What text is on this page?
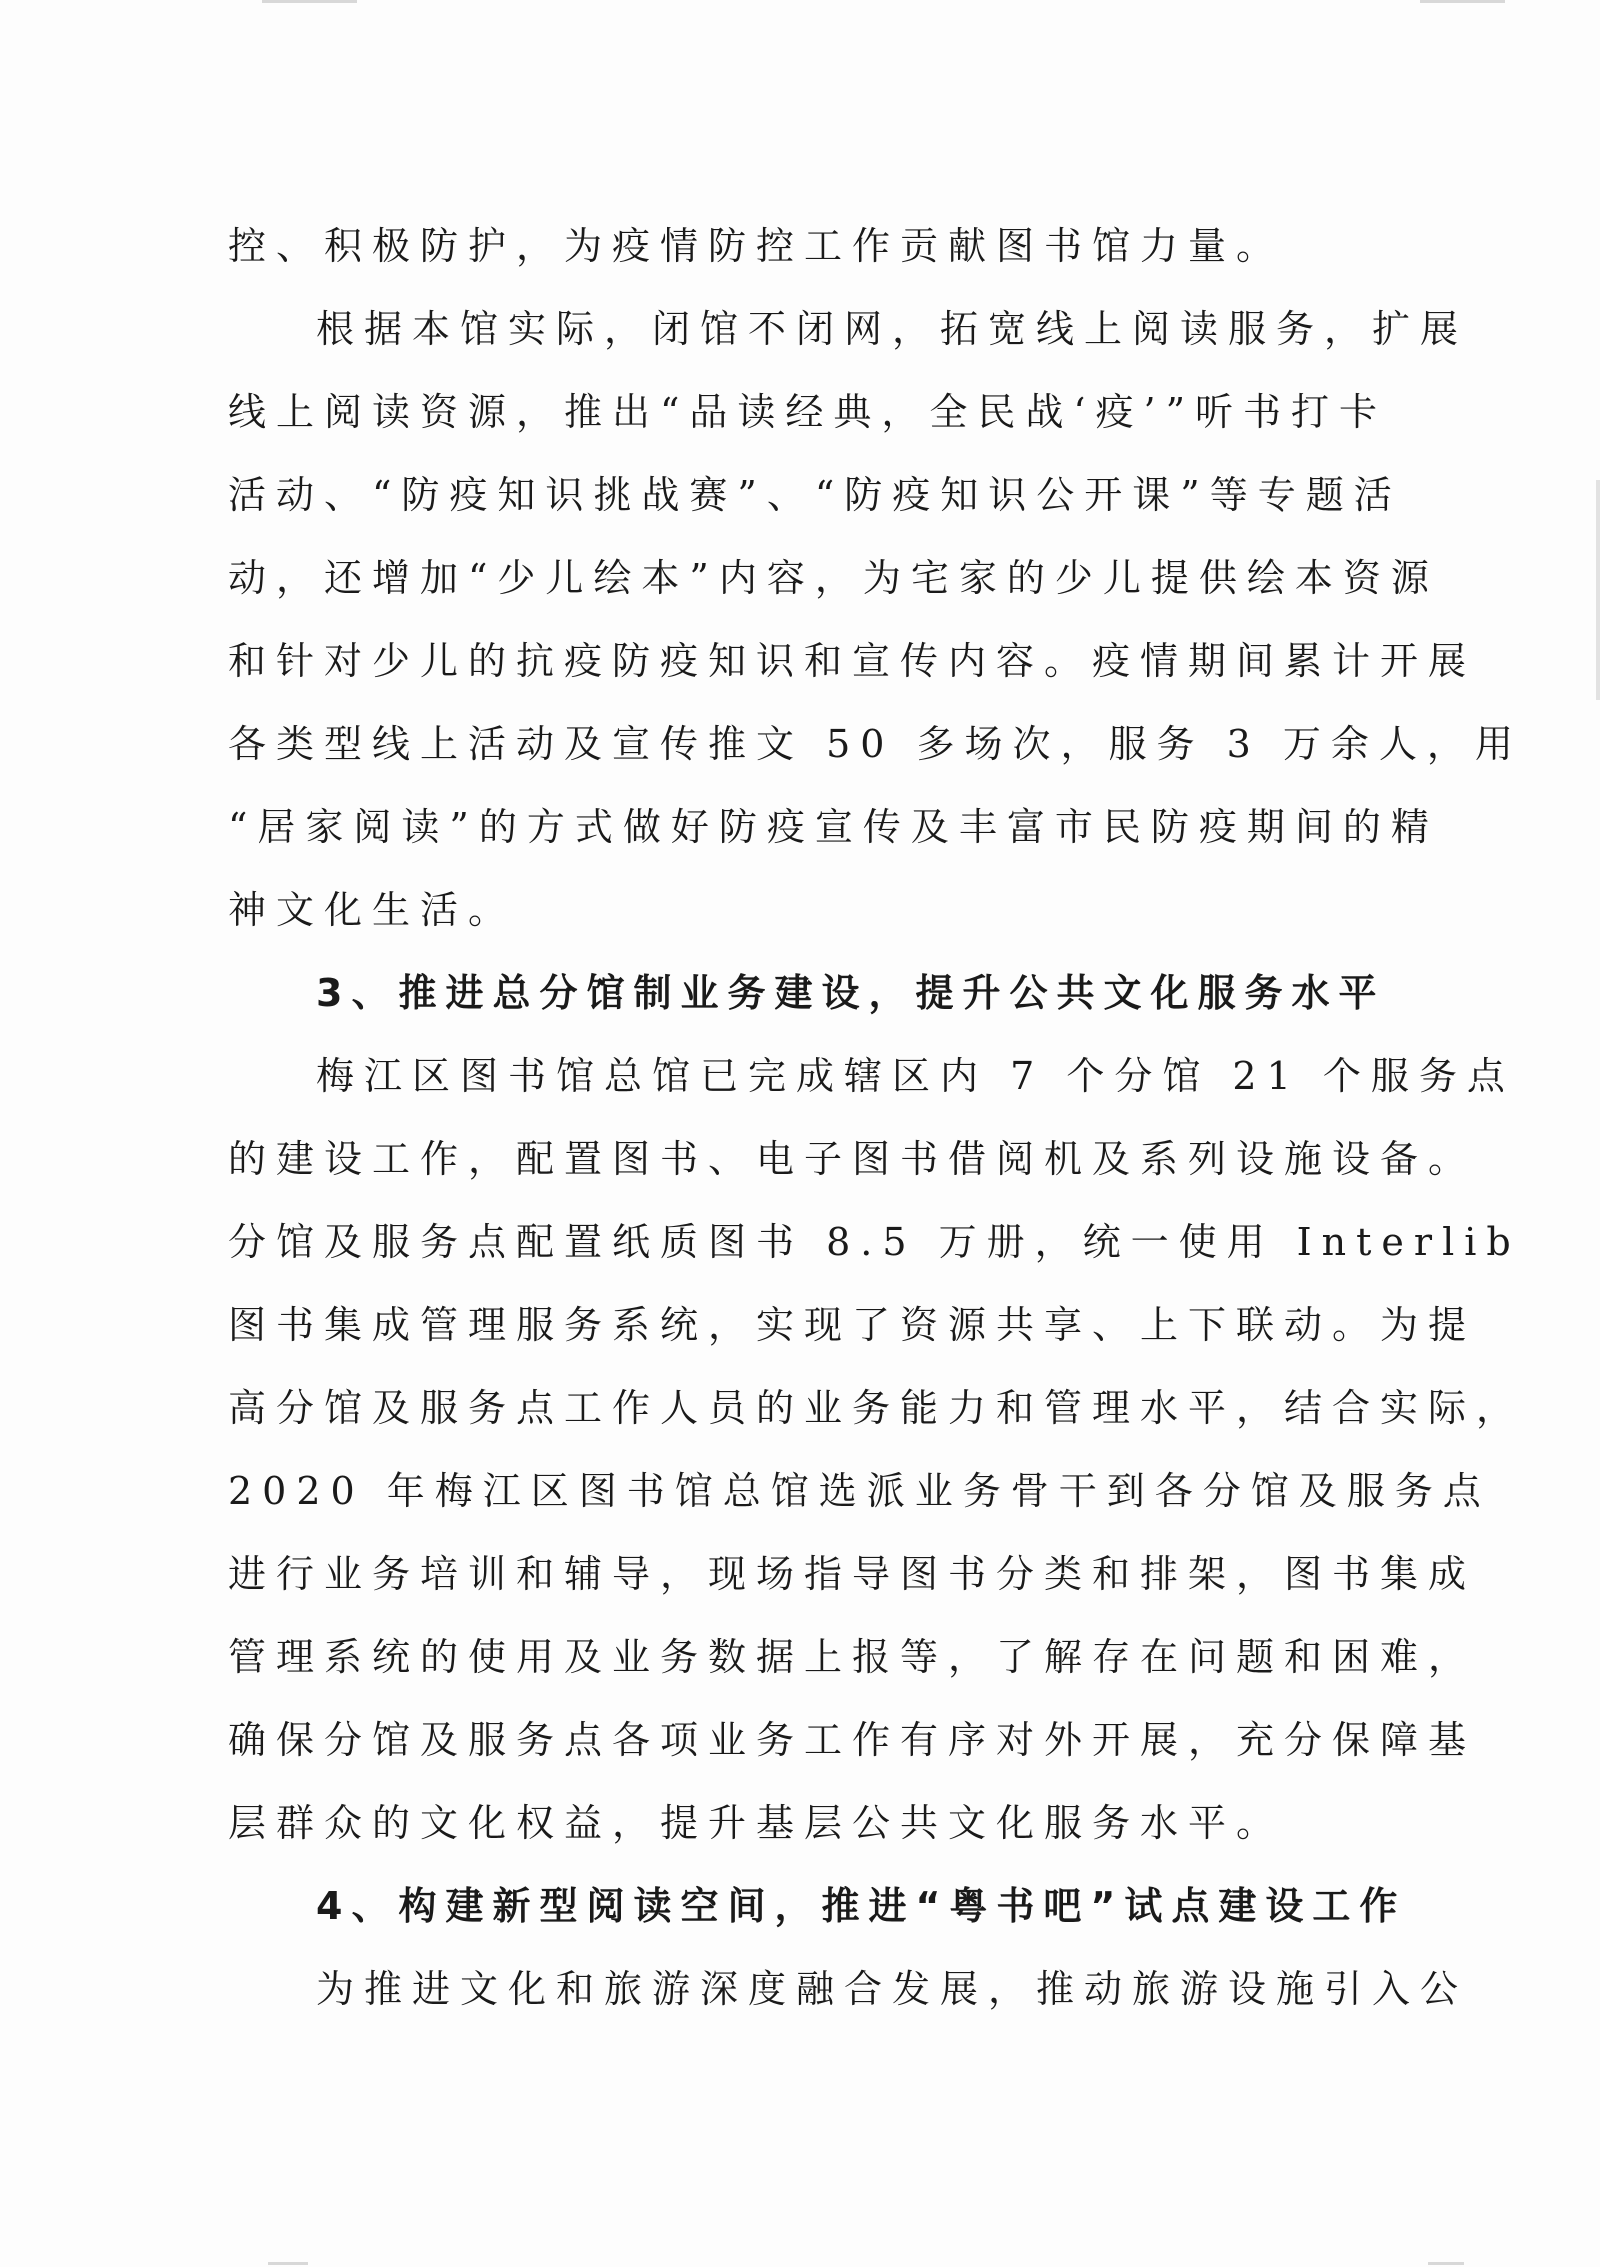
控、积极防护，为疫情防控工作贡献图书馆力量。
根据本馆实际，闭馆不闭网，拓宽线上阅读服务，扩展
线上阅读资源，推出“品读经典，全民战‘疫’”听书打卡
活动、“防疫知识挑战赛”、“防疫知识公开课”等专题活
动，还增加“少儿绘本”内容，为宅家的少儿提供绘本资源
和针对少儿的抗疫防疫知识和宣传内容。疫情期间累计开展
各类型线上活动及宣传推文 50 多场次，服务 3 万余人，用
“居家阅读”的方式做好防疫宣传及丰富市民防疫期间的精
神文化生活。
3、推进总分馆制业务建设，提升公共文化服务水平
梅江区图书馆总馆已完成辖区内 7 个分馆 21 个服务点
的建设工作，配置图书、电子图书借阅机及系列设施设备。
分馆及服务点配置纸质图书 8.5 万册，统一使用 Interlib
图书集成管理服务系统，实现了资源共享、上下联动。为提
高分馆及服务点工作人员的业务能力和管理水平，结合实际，
2020 年梅江区图书馆总馆选派业务骨干到各分馆及服务点
进行业务培训和辅导，现场指导图书分类和排架，图书集成
管理系统的使用及业务数据上报等，了解存在问题和困难，
确保分馆及服务点各项业务工作有序对外开展，充分保障基
层群众的文化权益，提升基层公共文化服务水平。
4、构建新型阅读空间，推进“粤书吧”试点建设工作
为推进文化和旅游深度融合发展，推动旅游设施引入公
